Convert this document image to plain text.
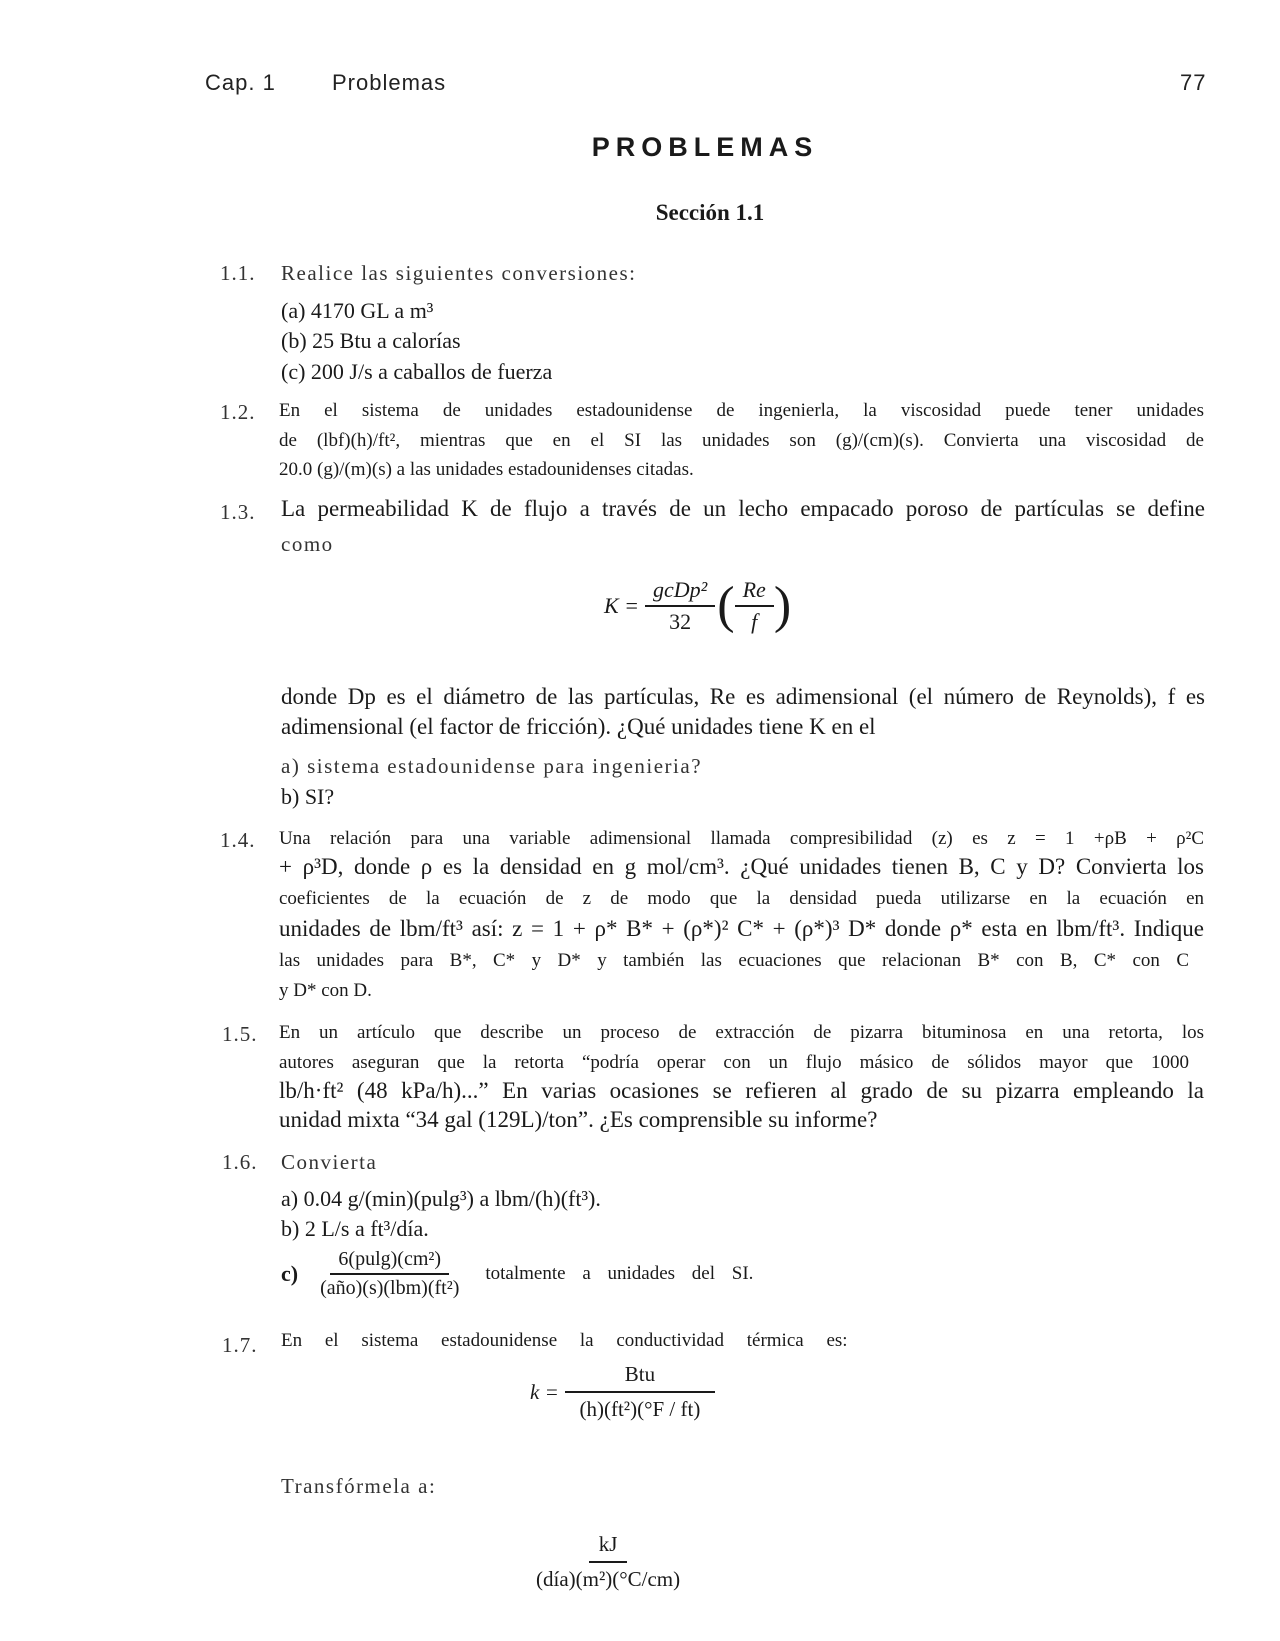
Cap. 1	Problemas	77
PROBLEMAS
Sección 1.1
1.1. Realice las siguientes conversiones:
(a) 4170 GL a m³
(b) 25 Btu a calorías
(c) 200 J/s a caballos de fuerza
1.2. En el sistema de unidades estadounidense de ingenierla, la viscosidad puede tener unidades
de (lbf)(h)/ft², mientras que en el SI las unidades son (g)/(cm)(s). Convierta una viscosidad de
20.0 (g)/(m)(s) a las unidades estadounidenses citadas.
1.3. La permeabilidad K de flujo a través de un lecho empacado poroso de partículas se define
como
$K = \frac{\text{gcDp²}}{32}$ ( $\frac{Re}{f}$ )
donde Dp es el diámetro de las partículas, Re es adimensional (el número de Reynolds), f es
adimensional (el factor de fricción). ¿Qué unidades tiene K en el
a) sistema estadounidense para ingenieria?
b) SI?
1.4. Una relación para una variable adimensional llamada compresibilidad (z) es z = 1 +ρB + ρ²C
+ ρ³D, donde ρ es la densidad en g mol/cm³. ¿Qué unidades tienen B, C y D? Convierta los
coeficientes de la ecuación de z de modo que la densidad pueda utilizarse en la ecuación en
unidades de lbm/ft³ así: z = 1 + ρ* B* + (ρ*)² C* + (ρ*)³ D* donde ρ* esta en lbm/ft³. Indique
las unidades para B*, C* y D* y también las ecuaciones que relacionan B* con B, C* con C
y D* con D.
1.5. En un artículo que describe un proceso de extracción de pizarra bituminosa en una retorta, los
autores aseguran que la retorta “podría operar con un flujo másico de sólidos mayor que 1000
lb/h·ft² (48 kPa/h)...” En varias ocasiones se refieren al grado de su pizarra empleando la
unidad mixta “34 gal (129L)/ton”. ¿Es comprensible su informe?
1.6. Convierta
a) 0.04 g/(min)(pulg³) a lbm/(h)(ft³).
b) 2 L/s a ft³/día.
$c) \frac{\text{6(pulg)(cm²)}}{\text{(año)(s)(lbm)(ft²)}}$ totalmente a unidades del SI.
1.7. En el sistema estadounidense la conductividad térmica es:
$k = \frac{\text{Btu}}{\text{(h)(ft²)(°F / ft)}}$
Transfórmela a:
$\frac{kJ}{\text{(día)(m²)(°C/cm)}}$
